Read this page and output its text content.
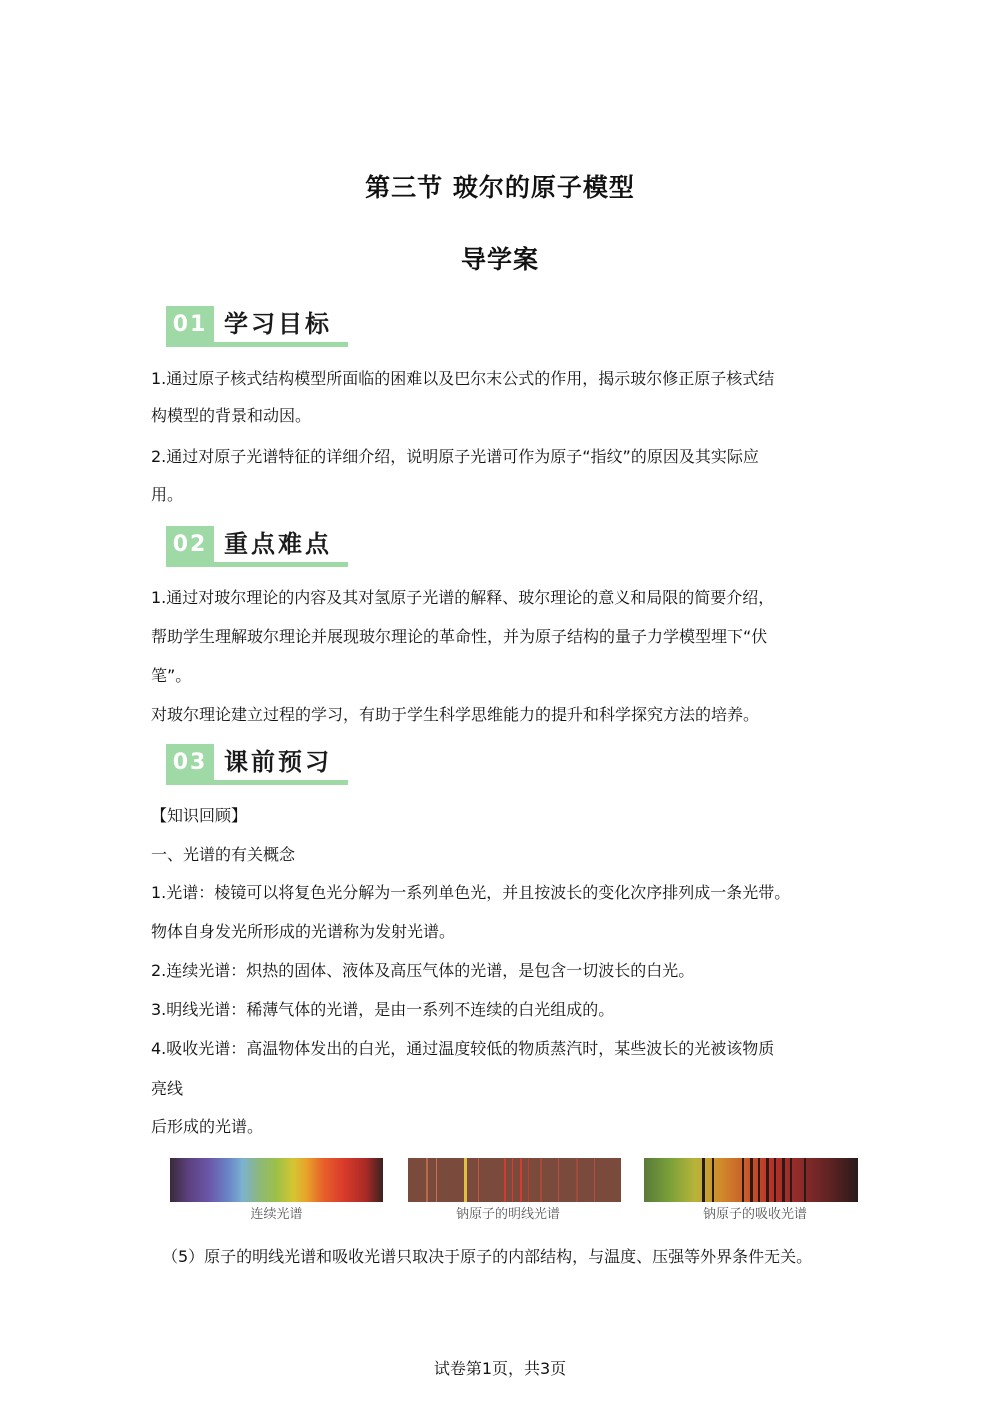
第三节 玻尔的原子模型
导学案
01 学习目标
1.通过原子核式结构模型所面临的困难以及巴尔末公式的作用，揭示玻尔修正原子核式结
构模型的背景和动因。
2.通过对原子光谱特征的详细介绍，说明原子光谱可作为原子“指纹”的原因及其实际应
用。
02 重点难点
1.通过对玻尔理论的内容及其对氢原子光谱的解释、玻尔理论的意义和局限的简要介绍，
帮助学生理解玻尔理论并展现玻尔理论的革命性，并为原子结构的量子力学模型埋下“伏
笔”。
对玻尔理论建立过程的学习，有助于学生科学思维能力的提升和科学探究方法的培养。
03 课前预习
【知识回顾】
一、光谱的有关概念
1.光谱：棱镜可以将复色光分解为一系列单色光，并且按波长的变化次序排列成一条光带。
物体自身发光所形成的光谱称为发射光谱。
2.连续光谱：炽热的固体、液体及高压气体的光谱，是包含一切波长的白光。
3.明线光谱：稀薄气体的光谱，是由一系列不连续的白光组成的。
4.吸收光谱：高温物体发出的白光，通过温度较低的物质蒸汽时，某些波长的光被该物质
亮线
后形成的光谱。
连续光谱	钠原子的明线光谱	钠原子的吸收光谱
（5）原子的明线光谱和吸收光谱只取决于原子的内部结构，与温度、压强等外界条件无关。
试卷第1页，共3页
